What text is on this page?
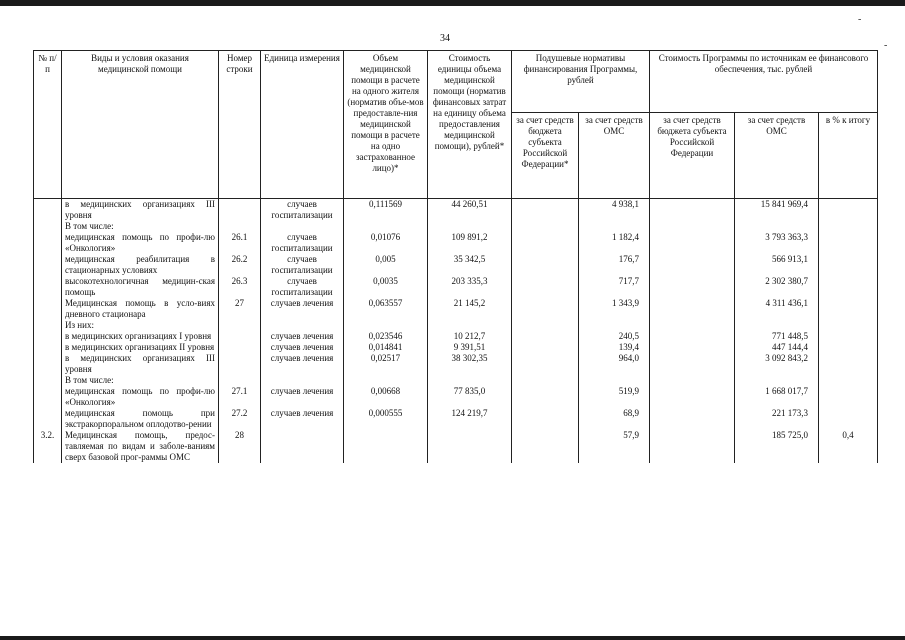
34
-
-
№ п/п	Виды и условия оказания медицинской помощи	Номер строки	Единица измерения	Объем медицинской помощи в расчете на одного жителя (норматив объе-мов предоставле-ния медицинской помощи в расчете на одно застрахованное лицо)*	Стоимость единицы объема медицинской помощи (норматив финансовых затрат на единицу объема предоставления медицинской помощи), рублей*	Подушевые нормативы финансирования Программы, рублей		Стоимость Программы по источникам ее финансового обеспечения, тыс. рублей		
						за счет средств бюджета субъекта Российской Федерации*	за счет средств ОМС	за счет средств бюджета субъекта Российской Федерации	за счет средств ОМС	в % к итогу
	в медицинских организациях III уровня		случаев госпитализации	0,111569	44 260,51		4 938,1		15 841 969,4	
	В том числе:									
	медицинская помощь по профи-лю «Онкология»	26.1	случаев госпитализации	0,01076	109 891,2		1 182,4		3 793 363,3	
	медицинская реабилитация в стационарных условиях	26.2	случаев госпитализации	0,005	35 342,5		176,7		566 913,1	
	высокотехнологичная медицин-ская помощь	26.3	случаев госпитализации	0,0035	203 335,3		717,7		2 302 380,7	
	Медицинская помощь в усло-виях дневного стационара	27	случаев лечения	0,063557	21 145,2		1 343,9		4 311 436,1	
	Из них:									
	в медицинских организациях I уровня		случаев лечения	0,023546	10 212,7		240,5		771 448,5	
	в медицинских организациях II уровня		случаев лечения	0,014841	9 391,51		139,4		447 144,4	
	в медицинских организациях III уровня		случаев лечения	0,02517	38 302,35		964,0		3 092 843,2	
	В том числе:									
	медицинская помощь по профи-лю «Онкология»	27.1	случаев лечения	0,00668	77 835,0		519,9		1 668 017,7	
	медицинская помощь при экстракорпоральном оплодотво-рении	27.2	случаев лечения	0,000555	124 219,7		68,9		221 173,3	
3.2.	Медицинская помощь, предос-тавляемая по видам и заболе-ваниям сверх базовой прог-раммы ОМС	28					57,9		185 725,0	0,4
